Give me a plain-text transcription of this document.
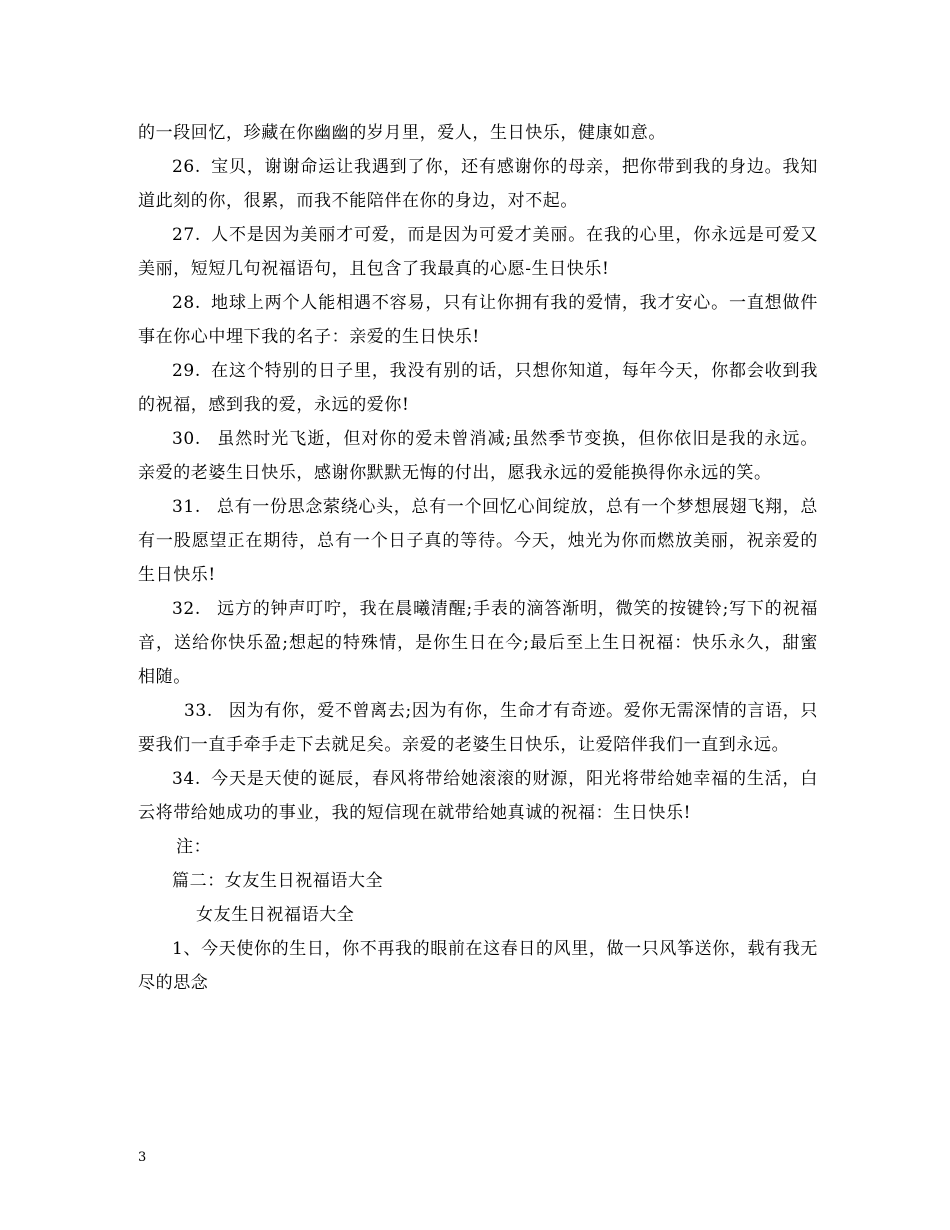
的一段回忆，珍藏在你幽幽的岁月里，爱人，生日快乐，健康如意。

26. 宝贝，谢谢命运让我遇到了你，还有感谢你的母亲，把你带到我的身边。我知道此刻的你，很累，而我不能陪伴在你的身边，对不起。

27. 人不是因为美丽才可爱，而是因为可爱才美丽。在我的心里，你永远是可爱又美丽，短短几句祝福语句，且包含了我最真的心愿-生日快乐!

28. 地球上两个人能相遇不容易，只有让你拥有我的爱情，我才安心。一直想做件事在你心中埋下我的名子：亲爱的生日快乐!

29. 在这个特别的日子里，我没有别的话，只想你知道，每年今天，你都会收到我的祝福，感到我的爱，永远的爱你!

30. 虽然时光飞逝，但对你的爱未曾消减;虽然季节变换，但你依旧是我的永远。亲爱的老婆生日快乐，感谢你默默无悔的付出，愿我永远的爱能换得你永远的笑。

31. 总有一份思念萦绕心头，总有一个回忆心间绽放，总有一个梦想展翅飞翔，总有一股愿望正在期待，总有一个日子真的等待。今天，烛光为你而燃放美丽，祝亲爱的生日快乐!

32. 远方的钟声叮咛，我在晨曦清醒;手表的滴答渐明，微笑的按键铃;写下的祝福音，送给你快乐盈;想起的特殊情，是你生日在今;最后至上生日祝福：快乐永久，甜蜜相随。

33. 因为有你，爱不曾离去;因为有你，生命才有奇迹。爱你无需深情的言语，只要我们一直手牵手走下去就足矣。亲爱的老婆生日快乐，让爱陪伴我们一直到永远。

34. 今天是天使的诞辰，春风将带给她滚滚的财源，阳光将带给她幸福的生活，白云将带给她成功的事业，我的短信现在就带给她真诚的祝福：生日快乐!

注：

篇二：女友生日祝福语大全

女友生日祝福语大全

1、今天使你的生日，你不再我的眼前在这春日的风里，做一只风筝送你，载有我无尽的思念

3
